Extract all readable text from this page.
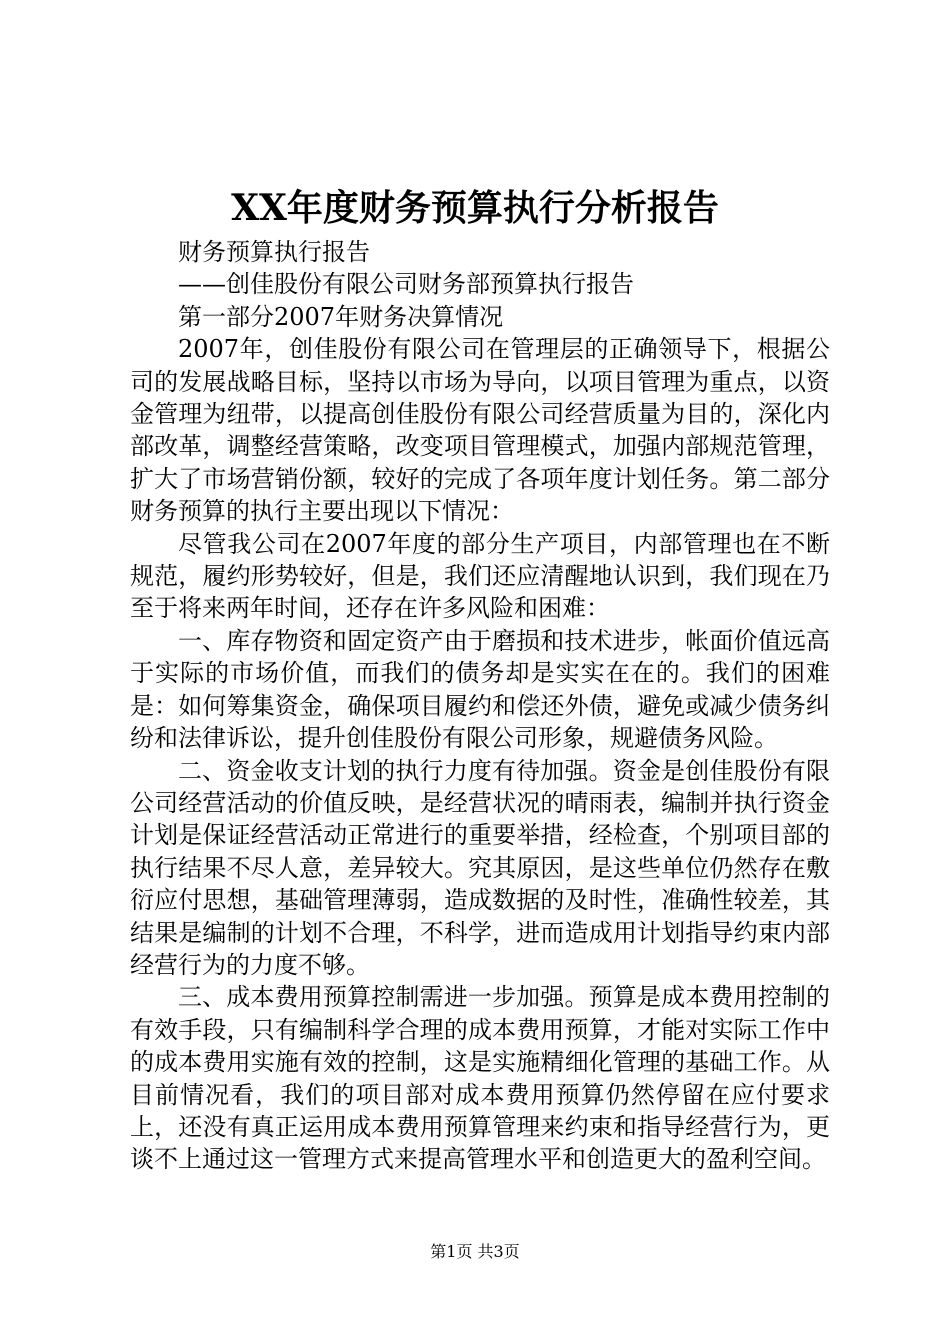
XX年度财务预算执行分析报告

财务预算执行报告

——创佳股份有限公司财务部预算执行报告

第一部分2007年财务决算情况

2007年，创佳股份有限公司在管理层的正确领导下，根据公司的发展战略目标，坚持以市场为导向，以项目管理为重点，以资金管理为纽带，以提高创佳股份有限公司经营质量为目的，深化内部改革，调整经营策略，改变项目管理模式，加强内部规范管理，扩大了市场营销份额，较好的完成了各项年度计划任务。第二部分财务预算的执行主要出现以下情况：

尽管我公司在2007年度的部分生产项目，内部管理也在不断规范，履约形势较好，但是，我们还应清醒地认识到，我们现在乃至于将来两年时间，还存在许多风险和困难：

一、库存物资和固定资产由于磨损和技术进步，帐面价值远高于实际的市场价值，而我们的债务却是实实在在的。我们的困难是：如何筹集资金，确保项目履约和偿还外债，避免或减少债务纠纷和法律诉讼，提升创佳股份有限公司形象，规避债务风险。

二、资金收支计划的执行力度有待加强。资金是创佳股份有限公司经营活动的价值反映，是经营状况的晴雨表，编制并执行资金计划是保证经营活动正常进行的重要举措，经检查，个别项目部的执行结果不尽人意，差异较大。究其原因，是这些单位仍然存在敷衍应付思想，基础管理薄弱，造成数据的及时性，准确性较差，其结果是编制的计划不合理，不科学，进而造成用计划指导约束内部经营行为的力度不够。

三、成本费用预算控制需进一步加强。预算是成本费用控制的有效手段，只有编制科学合理的成本费用预算，才能对实际工作中的成本费用实施有效的控制，这是实施精细化管理的基础工作。从目前情况看，我们的项目部对成本费用预算仍然停留在应付要求上，还没有真正运用成本费用预算管理来约束和指导经营行为，更谈不上通过这一管理方式来提高管理水平和创造更大的盈利空间。

第1页 共3页
